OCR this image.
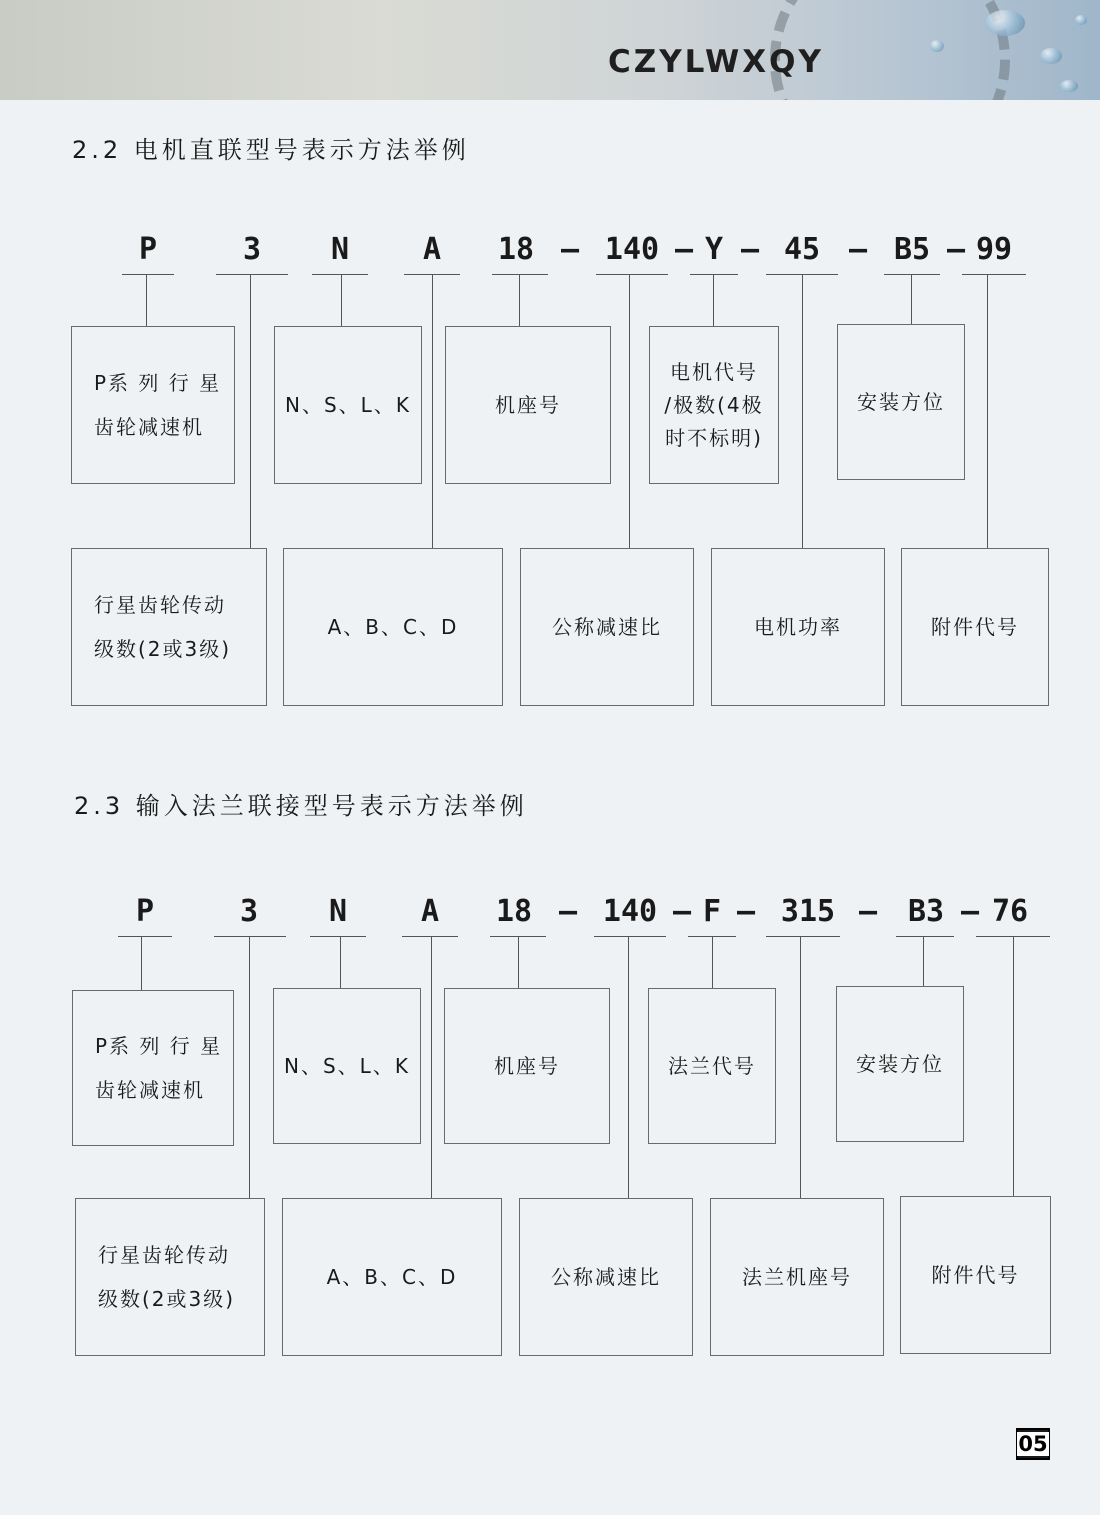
CZYLWXQY
2.2 电机直联型号表示方法举例
P	3 N A 18 – 140 – Y – 45 – B5 – 99
P系 列 行 星
齿轮减速机
N、S、L、K	机座号
电机代号
/极数(4极
时不标明)
安装方位
行星齿轮传动
级数(2或3级)
A、B、C、D	公称减速比	电机功率	附件代号
2.3 输入法兰联接型号表示方法举例
P	3 N A 18 – 140 – F – 315 – B3 – 76
P系 列 行 星
齿轮减速机
N、S、L、K	机座号	法兰代号	安装方位
行星齿轮传动
级数(2或3级)
A、B、C、D	公称减速比	法兰机座号	附件代号
05
